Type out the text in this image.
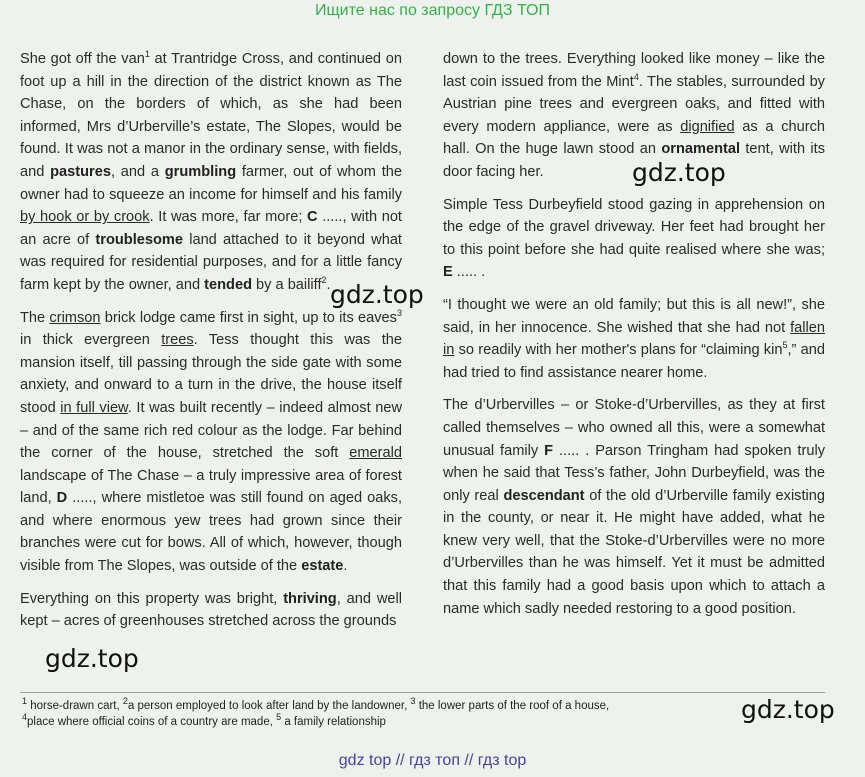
Ищите нас по запросу ГДЗ ТОП

She got off the van$^1$ at Trantridge Cross, and continued on foot up a hill in the direction of the district known as The Chase, on the borders of which, as she had been informed, Mrs d’Urberville’s estate, The Slopes, would be found. It was not a manor in the ordinary sense, with fields, and pastures, and a grumbling farmer, out of whom the owner had to squeeze an income for himself and his family by hook or by crook. It was more, far more; C ....., with not an acre of troublesome land attached to it beyond what was required for residential purposes, and for a little fancy farm kept by the owner, and tended by a bailiff$^2$.

The crimson brick lodge came first in sight, up to its eaves$^3$ in thick evergreen trees. Tess thought this was the mansion itself, till passing through the side gate with some anxiety, and onward to a turn in the drive, the house itself stood in full view. It was built recently – indeed almost new – and of the same rich red colour as the lodge. Far behind the corner of the house, stretched the soft emerald landscape of The Chase – a truly impressive area of forest land, D ....., where mistletoe was still found on aged oaks, and where enormous yew trees had grown since their branches were cut for bows. All of which, however, though visible from The Slopes, was outside of the estate.

Everything on this property was bright, thriving, and well kept – acres of greenhouses stretched across the grounds

down to the trees. Everything looked like money – like the last coin issued from the Mint$^4$. The stables, surrounded by Austrian pine trees and evergreen oaks, and fitted with every modern appliance, were as dignified as a church hall. On the huge lawn stood an ornamental tent, with its door facing her.

Simple Tess Durbeyfield stood gazing in apprehension on the edge of the gravel driveway. Her feet had brought her to this point before she had quite realised where she was; E ..... .

“I thought we were an old family; but this is all new!”, she said, in her innocence. She wished that she had not fallen in so readily with her mother's plans for “claiming kin$^5$,” and had tried to find assistance nearer home.

The d’Urbervilles – or Stoke-d’Urbervilles, as they at first called themselves – who owned all this, were a somewhat unusual family F ..... . Parson Tringham had spoken truly when he said that Tess’s father, John Durbeyfield, was the only real descendant of the old d’Urberville family existing in the county, or near it. He might have added, what he knew very well, that the Stoke-d’Urbervilles were no more d’Urbervilles than he was himself. Yet it must be admitted that this family had a good basis upon which to attach a name which sadly needed restoring to a good position.

gdz.top
gdz.top
gdz.top
gdz.top
$^1$ horse-drawn cart, $^2$a person employed to look after land by the landowner, $^3$ the lower parts of the roof of a house,
$^4$place where official coins of a country are made, $^5$ a family relationship
gdz top // гдз топ // гдз top
